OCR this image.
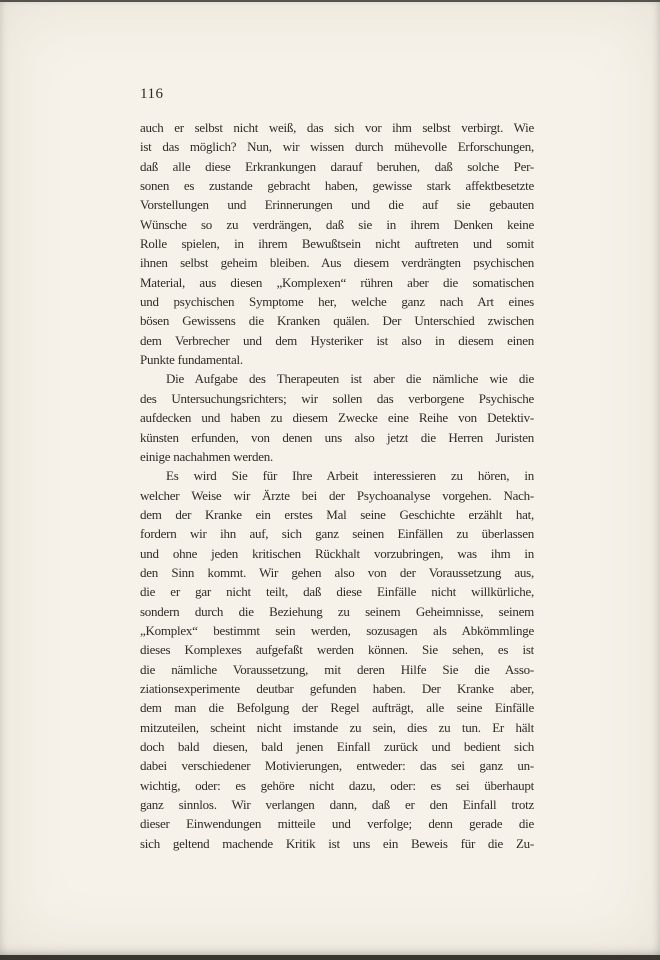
116
auch er selbst nicht weiß, das sich vor ihm selbst verbirgt. Wie
ist das möglich? Nun, wir wissen durch mühevolle Erforschungen,
daß alle diese Erkrankungen darauf beruhen, daß solche Per-
sonen es zustande gebracht haben, gewisse stark affektbesetzte
Vorstellungen und Erinnerungen und die auf sie gebauten
Wünsche so zu verdrängen, daß sie in ihrem Denken keine
Rolle spielen, in ihrem Bewußtsein nicht auftreten und somit
ihnen selbst geheim bleiben. Aus diesem verdrängten psychischen
Material, aus diesen „Komplexen“ rühren aber die somatischen
und psychischen Symptome her, welche ganz nach Art eines
bösen Gewissens die Kranken quälen. Der Unterschied zwischen
dem Verbrecher und dem Hysteriker ist also in diesem einen
Punkte fundamental.
Die Aufgabe des Therapeuten ist aber die nämliche wie die
des Untersuchungsrichters; wir sollen das verborgene Psychische
aufdecken und haben zu diesem Zwecke eine Reihe von Detektiv-
künsten erfunden, von denen uns also jetzt die Herren Juristen
einige nachahmen werden.
Es wird Sie für Ihre Arbeit interessieren zu hören, in
welcher Weise wir Ärzte bei der Psychoanalyse vorgehen. Nach-
dem der Kranke ein erstes Mal seine Geschichte erzählt hat,
fordern wir ihn auf, sich ganz seinen Einfällen zu überlassen
und ohne jeden kritischen Rückhalt vorzubringen, was ihm in
den Sinn kommt. Wir gehen also von der Voraussetzung aus,
die er gar nicht teilt, daß diese Einfälle nicht willkürliche,
sondern durch die Beziehung zu seinem Geheimnisse, seinem
„Komplex“ bestimmt sein werden, sozusagen als Abkömmlinge
dieses Komplexes aufgefaßt werden können. Sie sehen, es ist
die nämliche Voraussetzung, mit deren Hilfe Sie die Asso-
ziationsexperimente deutbar gefunden haben. Der Kranke aber,
dem man die Befolgung der Regel aufträgt, alle seine Einfälle
mitzuteilen, scheint nicht imstande zu sein, dies zu tun. Er hält
doch bald diesen, bald jenen Einfall zurück und bedient sich
dabei verschiedener Motivierungen, entweder: das sei ganz un-
wichtig, oder: es gehöre nicht dazu, oder: es sei überhaupt
ganz sinnlos. Wir verlangen dann, daß er den Einfall trotz
dieser Einwendungen mitteile und verfolge; denn gerade die
sich geltend machende Kritik ist uns ein Beweis für die Zu-
